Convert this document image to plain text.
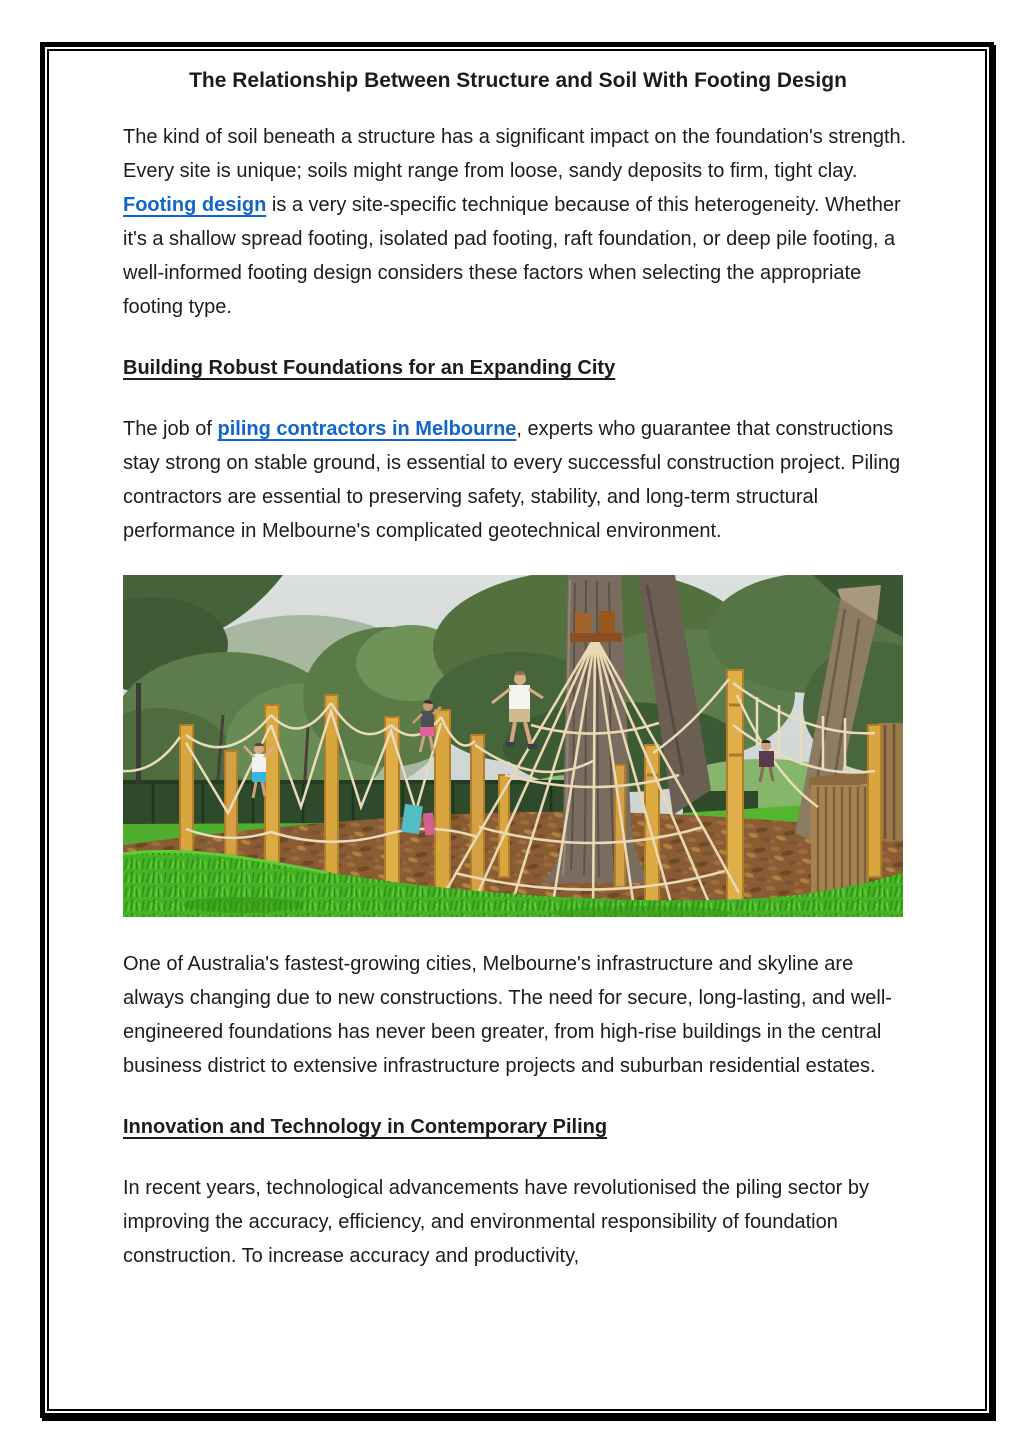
The Relationship Between Structure and Soil With Footing Design

The kind of soil beneath a structure has a significant impact on the foundation's strength. Every site is unique; soils might range from loose, sandy deposits to firm, tight clay. Footing design is a very site-specific technique because of this heterogeneity. Whether it's a shallow spread footing, isolated pad footing, raft foundation, or deep pile footing, a well-informed footing design considers these factors when selecting the appropriate footing type.

Building Robust Foundations for an Expanding City

The job of piling contractors in Melbourne, experts who guarantee that constructions stay strong on stable ground, is essential to every successful construction project. Piling contractors are essential to preserving safety, stability, and long-term structural performance in Melbourne's complicated geotechnical environment.

One of Australia's fastest-growing cities, Melbourne's infrastructure and skyline are always changing due to new constructions. The need for secure, long-lasting, and well-engineered foundations has never been greater, from high-rise buildings in the central business district to extensive infrastructure projects and suburban residential estates.

Innovation and Technology in Contemporary Piling

In recent years, technological advancements have revolutionised the piling sector by improving the accuracy, efficiency, and environmental responsibility of foundation construction. To increase accuracy and productivity,
